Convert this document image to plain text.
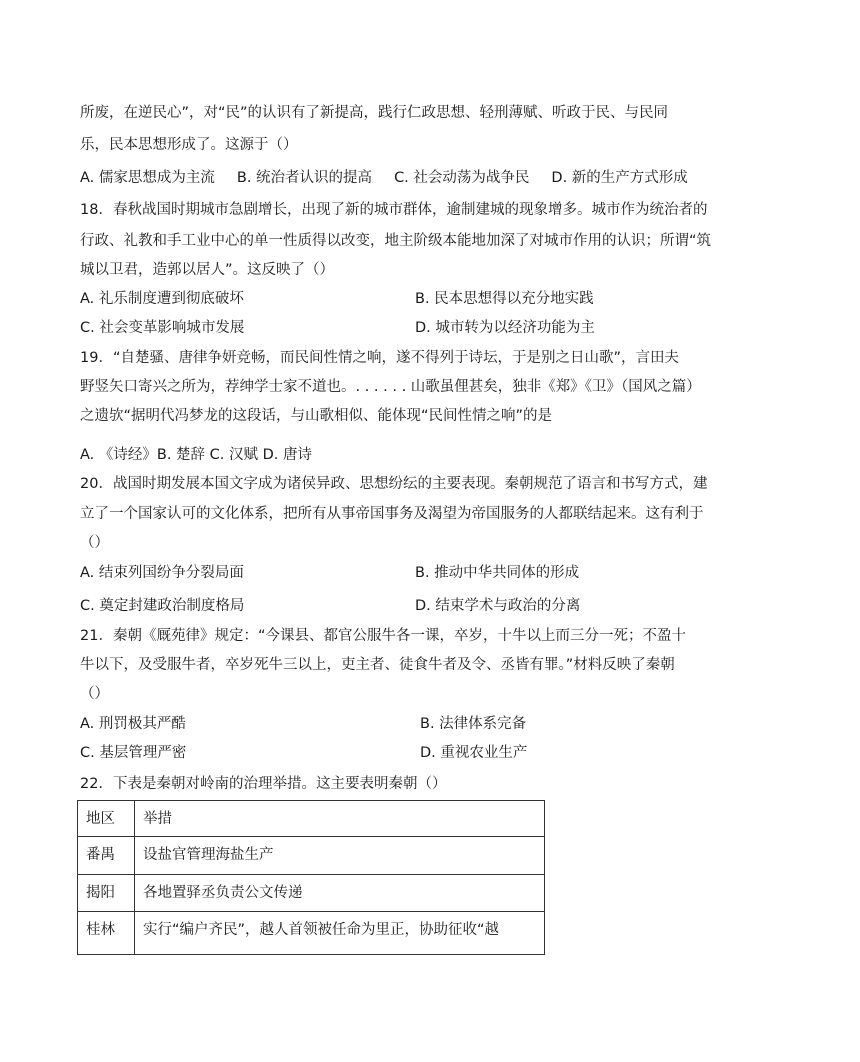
所废，在逆民心”，对“民”的认识有了新提高，践行仁政思想、轻刑薄赋、听政于民、与民同
乐，民本思想形成了。这源于（）
A. 儒家思想成为主流 B. 统治者认识的提高 C. 社会动荡为战争民 D. 新的生产方式形成
18．春秋战国时期城市急剧增长，出现了新的城市群体，逾制建城的现象增多。城市作为统治者的
行政、礼教和手工业中心的单一性质得以改变，地主阶级本能地加深了对城市作用的认识；所谓“筑
城以卫君，造郭以居人”。这反映了（）
A. 礼乐制度遭到彻底破坏	B. 民本思想得以充分地实践
C. 社会变革影响城市发展	D. 城市转为以经济功能为主
19．“自楚骚、唐律争妍竞畅，而民间性情之响，遂不得列于诗坛，于是别之日山歌”，言田夫
野竖矢口寄兴之所为，荐绅学士家不道也。. . . . . . 山歌虽俚甚矣，独非《郑》《卫》（国风之篇）
之遗欤“据明代冯梦龙的这段话，与山歌相似、能体现“民间性情之响”的是
A. 《诗经》B. 楚辞 C. 汉赋 D. 唐诗
20．战国时期发展本国文字成为诸侯异政、思想纷纭的主要表现。秦朝规范了语言和书写方式，建
立了一个国家认可的文化体系，把所有从事帝国事务及渴望为帝国服务的人都联结起来。这有利于
（）
A. 结束列国纷争分裂局面	B. 推动中华共同体的形成
C. 奠定封建政治制度格局	D. 结束学术与政治的分离
21．秦朝《厩苑律》规定：“今课县、都官公服牛各一课，卒岁，十牛以上而三分一死；不盈十
牛以下，及受服牛者，卒岁死牛三以上，吏主者、徒食牛者及令、丞皆有罪。”材料反映了秦朝
（）
A. 刑罚极其严酷	B. 法律体系完备
C. 基层管理严密	D. 重视农业生产
22．下表是秦朝对岭南的治理举措。这主要表明秦朝（）
地区	举措

番禺	设盐官管理海盐生产

揭阳	各地置驿丞负责公文传递

桂林	实行“编户齐民”，越人首领被任命为里正，协助征收“越
